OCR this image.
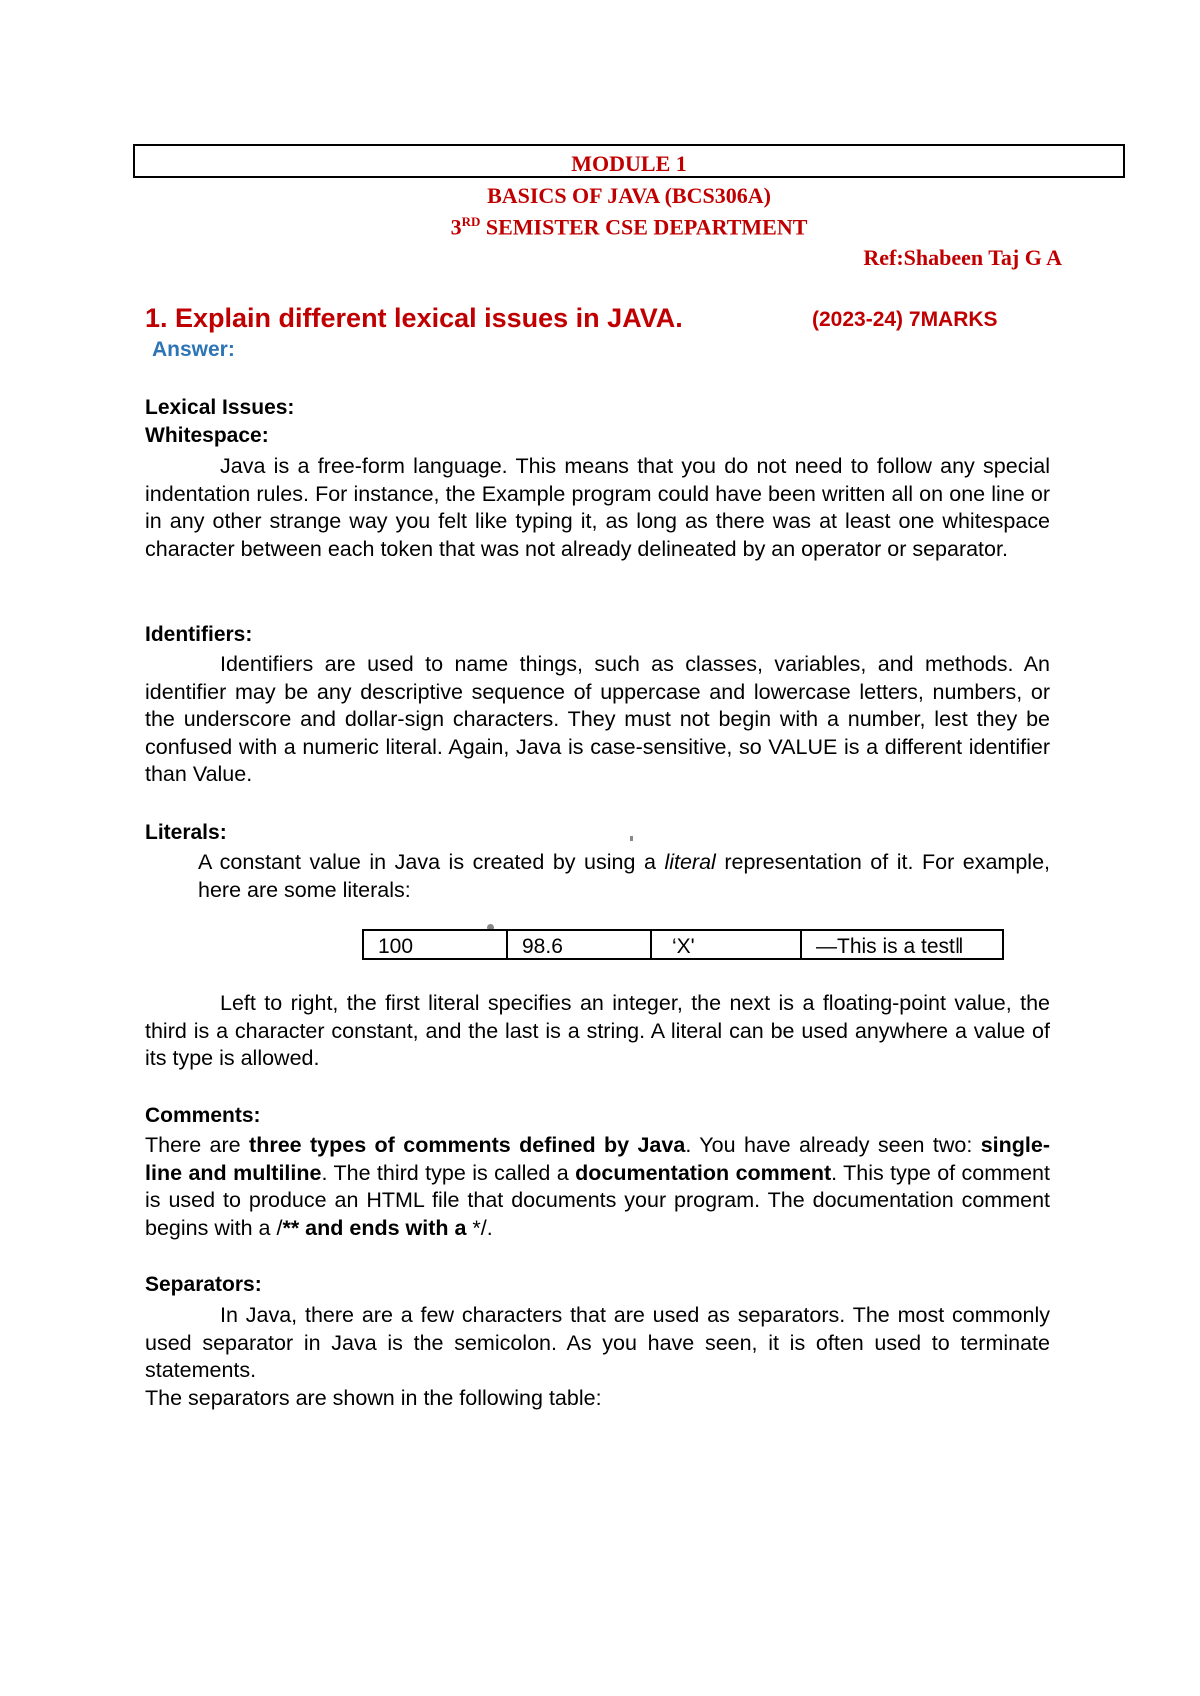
MODULE 1
BASICS OF JAVA (BCS306A)
3RD SEMISTER CSE DEPARTMENT
Ref:Shabeen Taj G A
1. Explain different lexical issues in JAVA.	(2023-24) 7MARKS
Answer:
Lexical Issues:
Whitespace:

Java is a free-form language. This means that you do not need to follow any special indentation rules. For instance, the Example program could have been written all on one line or in any other strange way you felt like typing it, as long as there was at least one whitespace character between each token that was not already delineated by an operator or separator.

Identifiers:

Identifiers are used to name things, such as classes, variables, and methods. An identifier may be any descriptive sequence of uppercase and lowercase letters, numbers, or the underscore and dollar-sign characters. They must not begin with a number, lest they be confused with a numeric literal. Again, Java is case-sensitive, so VALUE is a different identifier than Value.

Literals:

A constant value in Java is created by using a literal representation of it. For example, here are some literals:

100	98.6	‘X'	—This is a test‖

Left to right, the first literal specifies an integer, the next is a floating-point value, the third is a character constant, and the last is a string. A literal can be used anywhere a value of its type is allowed.

Comments:

There are three types of comments defined by Java. You have already seen two: single-line and multiline. The third type is called a documentation comment. This type of comment is used to produce an HTML file that documents your program. The documentation comment begins with a /** and ends with a */.

Separators:

In Java, there are a few characters that are used as separators. The most commonly used separator in Java is the semicolon. As you have seen, it is often used to terminate statements.

The separators are shown in the following table:
